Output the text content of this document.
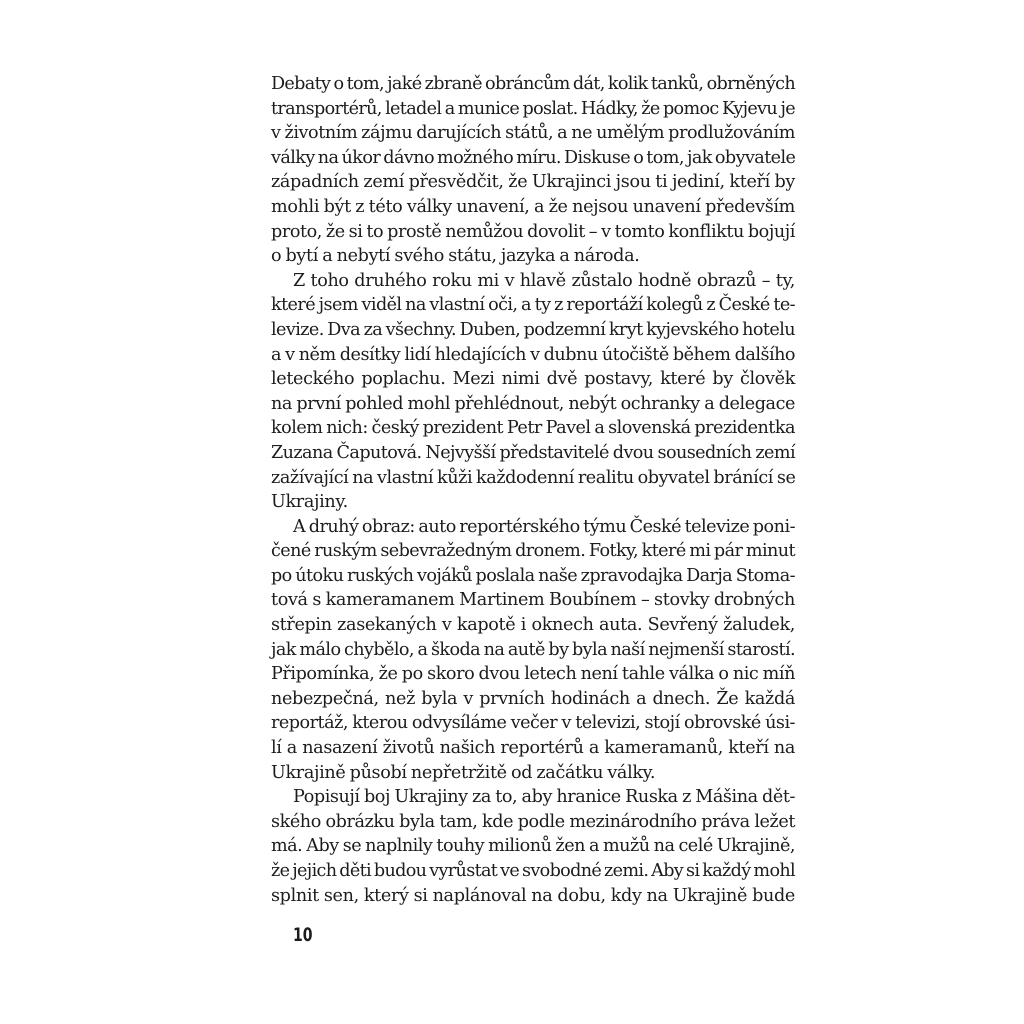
Debaty o tom, jaké zbraně obráncům dát, kolik tanků, obrněných
transportérů, letadel a munice poslat. Hádky, že pomoc Kyjevu je
v životním zájmu darujících států, a ne umělým prodlužováním
války na úkor dávno možného míru. Diskuse o tom, jak obyvatele
západních zemí přesvědčit, že Ukrajinci jsou ti jediní, kteří by
mohli být z této války unavení, a že nejsou unavení především
proto, že si to prostě nemůžou dovolit – v tomto konfliktu bojují
o bytí a nebytí svého státu, jazyka a národa.

Z toho druhého roku mi v hlavě zůstalo hodně obrazů – ty,
které jsem viděl na vlastní oči, a ty z reportáží kolegů z České te-
levize. Dva za všechny. Duben, podzemní kryt kyjevského hotelu
a v něm desítky lidí hledajících v dubnu útočiště během dalšího
leteckého poplachu. Mezi nimi dvě postavy, které by člověk
na první pohled mohl přehlédnout, nebýt ochranky a delegace
kolem nich: český prezident Petr Pavel a slovenská prezidentka
Zuzana Čaputová. Nejvyšší představitelé dvou sousedních zemí
zažívající na vlastní kůži každodenní realitu obyvatel bránící se
Ukrajiny.

A druhý obraz: auto reportérského týmu České televize poni-
čené ruským sebevražedným dronem. Fotky, které mi pár minut
po útoku ruských vojáků poslala naše zpravodajka Darja Stoma-
tová s kameramanem Martinem Boubínem – stovky drobných
střepin zasekaných v kapotě i oknech auta. Sevřený žaludek,
jak málo chybělo, a škoda na autě by byla naší nejmenší starostí.
Připomínka, že po skoro dvou letech není tahle válka o nic míň
nebezpečná, než byla v prvních hodinách a dnech. Že každá
reportáž, kterou odvysíláme večer v televizi, stojí obrovské úsi-
lí a nasazení životů našich reportérů a kameramanů, kteří na
Ukrajině působí nepřetržitě od začátku války.

Popisují boj Ukrajiny za to, aby hranice Ruska z Mášina dět-
ského obrázku byla tam, kde podle mezinárodního práva ležet
má. Aby se naplnily touhy milionů žen a mužů na celé Ukrajině,
že jejich děti budou vyrůstat ve svobodné zemi. Aby si každý mohl
splnit sen, který si naplánoval na dobu, kdy na Ukrajině bude

10
